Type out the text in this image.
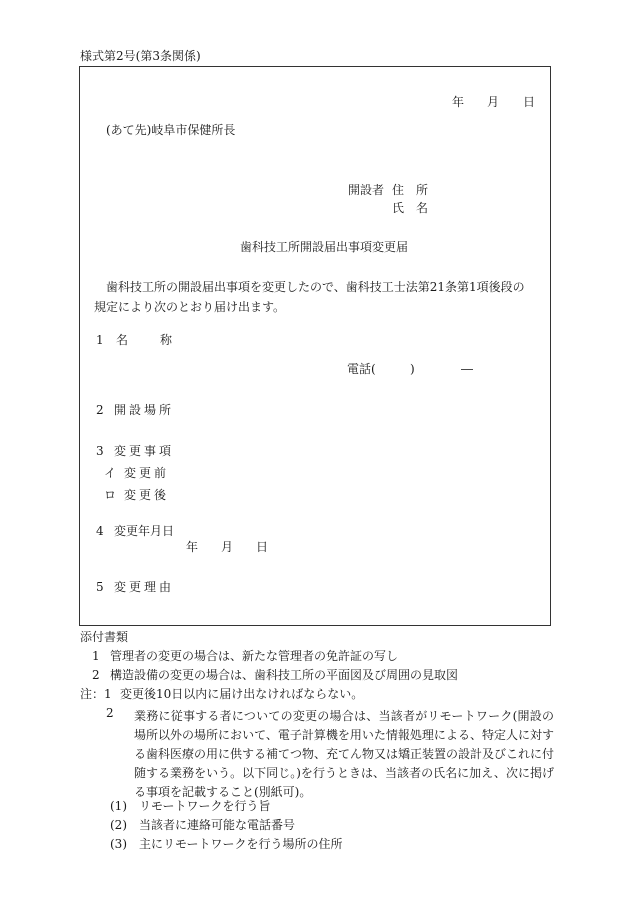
様式第2号(第3条関係)
年 月 日
(あて先)岐阜市保健所長
開設者 住　所
氏　名
歯科技工所開設届出事項変更届
歯科技工所の開設届出事項を変更したので、歯科技工士法第21条第1項後段の規定により次のとおり届け出ます。
1 名	称
電話(	)	―
2 開設場所
3 変更事項
イ 変更前
ロ 変更後
4 変更年月日
年 月 日
5 変更理由
添付書類
1 管理者の変更の場合は、新たな管理者の免許証の写し
2 構造設備の変更の場合は、歯科技工所の平面図及び周囲の見取図
注：1 変更後10日以内に届け出なければならない。
2 業務に従事する者についての変更の場合は、当該者がリモートワーク(開設の場所以外の場所において、電子計算機を用いた情報処理による、特定人に対する歯科医療の用に供する補てつ物、充てん物又は矯正装置の設計及びこれに付随する業務をいう。以下同じ。)を行うときは、当該者の氏名に加え、次に掲げる事項を記載すること(別紙可)。
(1) リモートワークを行う旨
(2) 当該者に連絡可能な電話番号
(3) 主にリモートワークを行う場所の住所
